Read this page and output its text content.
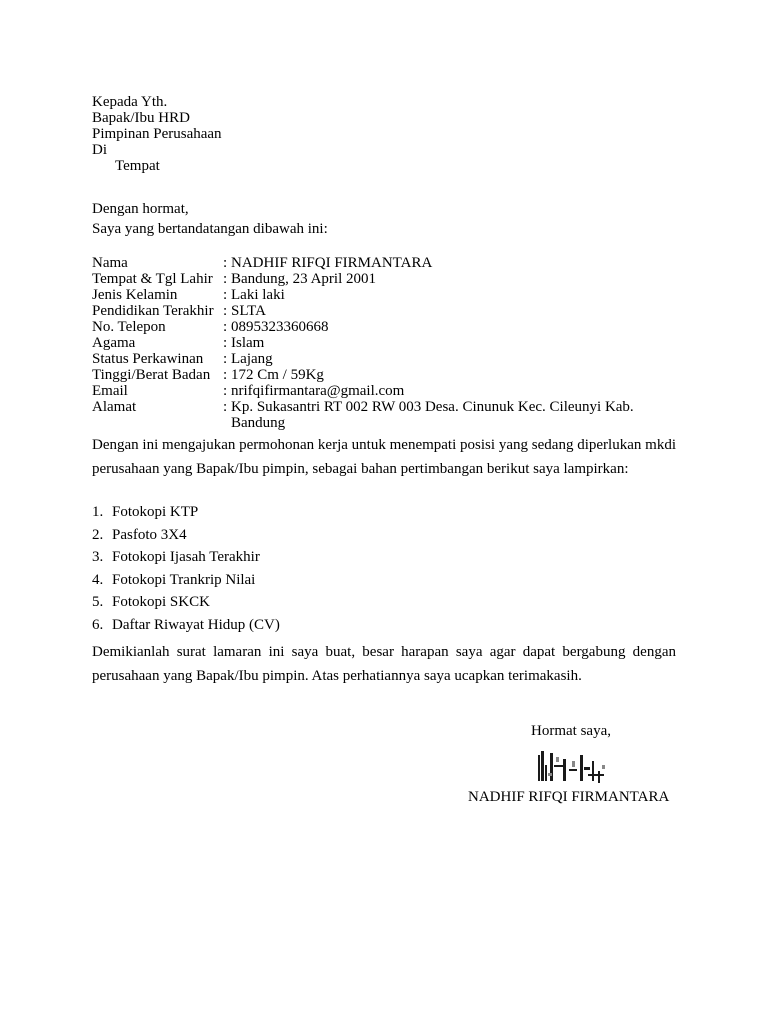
Kepada Yth.
Bapak/Ibu HRD
Pimpinan Perusahaan
Di
Tempat
Dengan hormat,
Saya yang bertandatangan dibawah ini:
Nama	: NADHIF RIFQI FIRMANTARA
Tempat & Tgl Lahir : Bandung, 23 April 2001
Jenis Kelamin	: Laki laki
Pendidikan Terakhir : SLTA
No. Telepon	: 0895323360668
Agama	: Islam
Status Perkawinan	: Lajang
Tinggi/Berat Badan : 172 Cm / 59Kg
Email	: nrifqifirmantara@gmail.com
Alamat	: Kp. Sukasantri RT 002 RW 003 Desa. Cinunuk Kec. Cileunyi Kab. Bandung
Dengan ini mengajukan permohonan kerja untuk menempati posisi yang sedang diperlukan mkdi perusahaan yang Bapak/Ibu pimpin, sebagai bahan pertimbangan berikut saya lampirkan:
1. Fotokopi KTP
2. Pasfoto 3X4
3. Fotokopi Ijasah Terakhir
4. Fotokopi Trankrip Nilai
5. Fotokopi SKCK
6. Daftar Riwayat Hidup (CV)
Demikianlah surat lamaran ini saya buat, besar harapan saya agar dapat bergabung dengan perusahaan yang Bapak/Ibu pimpin. Atas perhatiannya saya ucapkan terimakasih.
Hormat saya,
NADHIF RIFQI FIRMANTARA
